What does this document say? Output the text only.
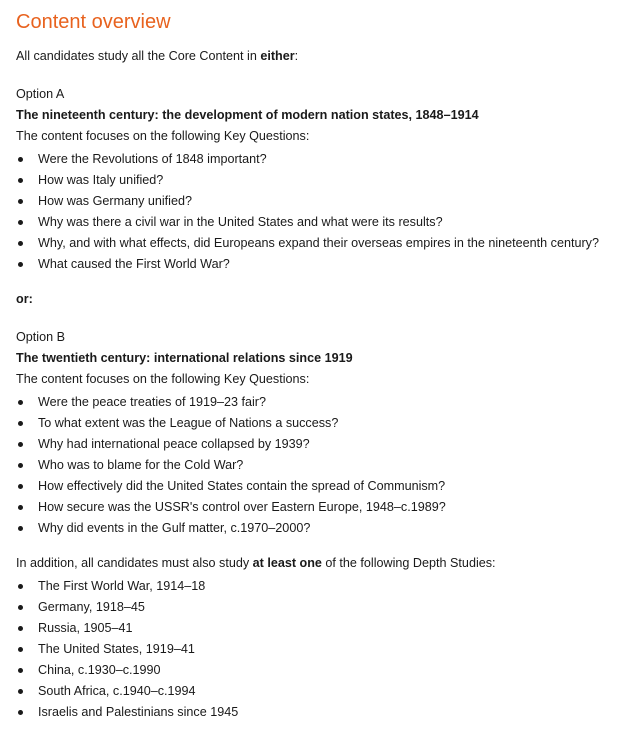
Content overview

All candidates study all the Core Content in either:

Option A

The nineteenth century: the development of modern nation states, 1848–1914

The content focuses on the following Key Questions:

Were the Revolutions of 1848 important?
How was Italy unified?
How was Germany unified?
Why was there a civil war in the United States and what were its results?
Why, and with what effects, did Europeans expand their overseas empires in the nineteenth century?
What caused the First World War?

or:

Option B

The twentieth century: international relations since 1919

The content focuses on the following Key Questions:

Were the peace treaties of 1919–23 fair?
To what extent was the League of Nations a success?
Why had international peace collapsed by 1939?
Who was to blame for the Cold War?
How effectively did the United States contain the spread of Communism?
How secure was the USSR's control over Eastern Europe, 1948–c.1989?
Why did events in the Gulf matter, c.1970–2000?

In addition, all candidates must also study at least one of the following Depth Studies:

The First World War, 1914–18
Germany, 1918–45
Russia, 1905–41
The United States, 1919–41
China, c.1930–c.1990
South Africa, c.1940–c.1994
Israelis and Palestinians since 1945
